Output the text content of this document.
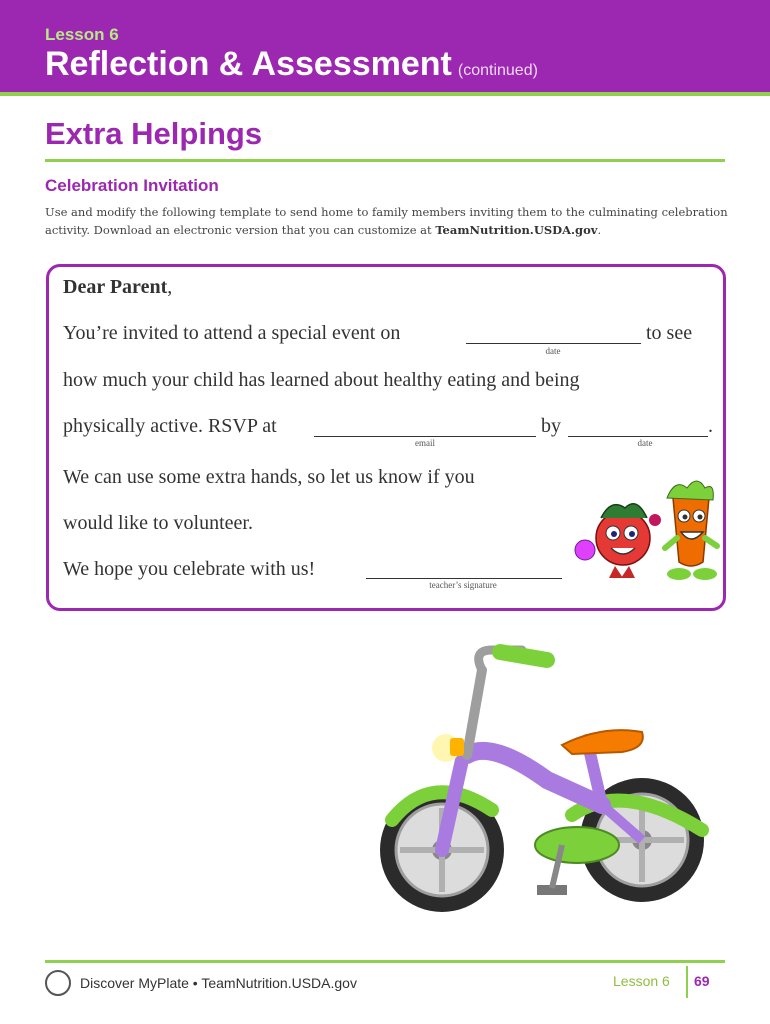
Lesson 6
Reflection & Assessment (continued)
Extra Helpings
Celebration Invitation
Use and modify the following template to send home to family members inviting them to the culminating celebration activity. Download an electronic version that you can customize at TeamNutrition.USDA.gov.
Dear Parent,
You’re invited to attend a special event on
date
to see
how much your child has learned about healthy eating and being
physically active. RSVP at
email
by
date
.
We can use some extra hands, so let us know if you
would like to volunteer.
We hope you celebrate with us!
teacher’s signature
Discover MyPlate • TeamNutrition.USDA.gov	Lesson 6 69
